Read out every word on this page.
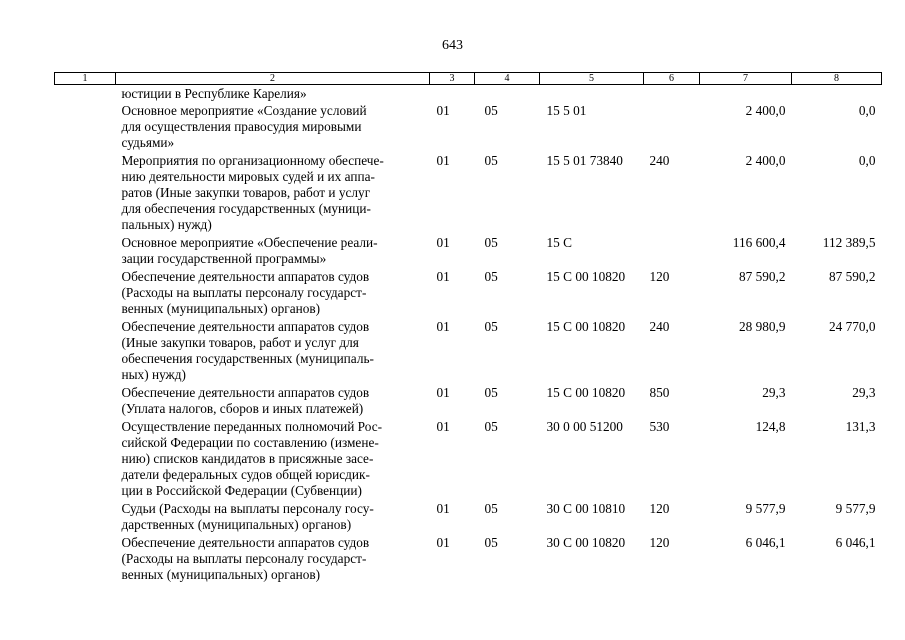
643
1	2	3	4	5	6	7	8
	юстиции в Республике Карелия»						
	Основное мероприятие «Создание условий
для осуществления правосудия мировыми
судьями»	01	05	15 5 01		2 400,0	0,0
	Мероприятия по организационному обеспече-
нию деятельности мировых судей и их аппа-
ратов (Иные закупки товаров, работ и услуг
для обеспечения государственных (муници-
пальных) нужд)	01	05	15 5 01 73840	240	2 400,0	0,0
	Основное мероприятие «Обеспечение реали-
зации государственной программы»	01	05	15 С		116 600,4	112 389,5
	Обеспечение деятельности аппаратов судов
(Расходы на выплаты персоналу государст-
венных (муниципальных) органов)	01	05	15 С 00 10820	120	87 590,2	87 590,2
	Обеспечение деятельности аппаратов судов
(Иные закупки товаров, работ и услуг для
обеспечения государственных (муниципаль-
ных) нужд)	01	05	15 С 00 10820	240	28 980,9	24 770,0
	Обеспечение деятельности аппаратов судов
(Уплата налогов, сборов и иных платежей)	01	05	15 С 00 10820	850	29,3	29,3
	Осуществление переданных полномочий Рос-
сийской Федерации по составлению (измене-
нию) списков кандидатов в присяжные засе-
датели федеральных судов общей юрисдик-
ции в Российской Федерации (Субвенции)	01	05	30 0 00 51200	530	124,8	131,3
	Судьи (Расходы на выплаты персоналу госу-
дарственных (муниципальных) органов)	01	05	30 С 00 10810	120	9 577,9	9 577,9
	Обеспечение деятельности аппаратов судов
(Расходы на выплаты персоналу государст-
венных (муниципальных) органов)	01	05	30 С 00 10820	120	6 046,1	6 046,1
